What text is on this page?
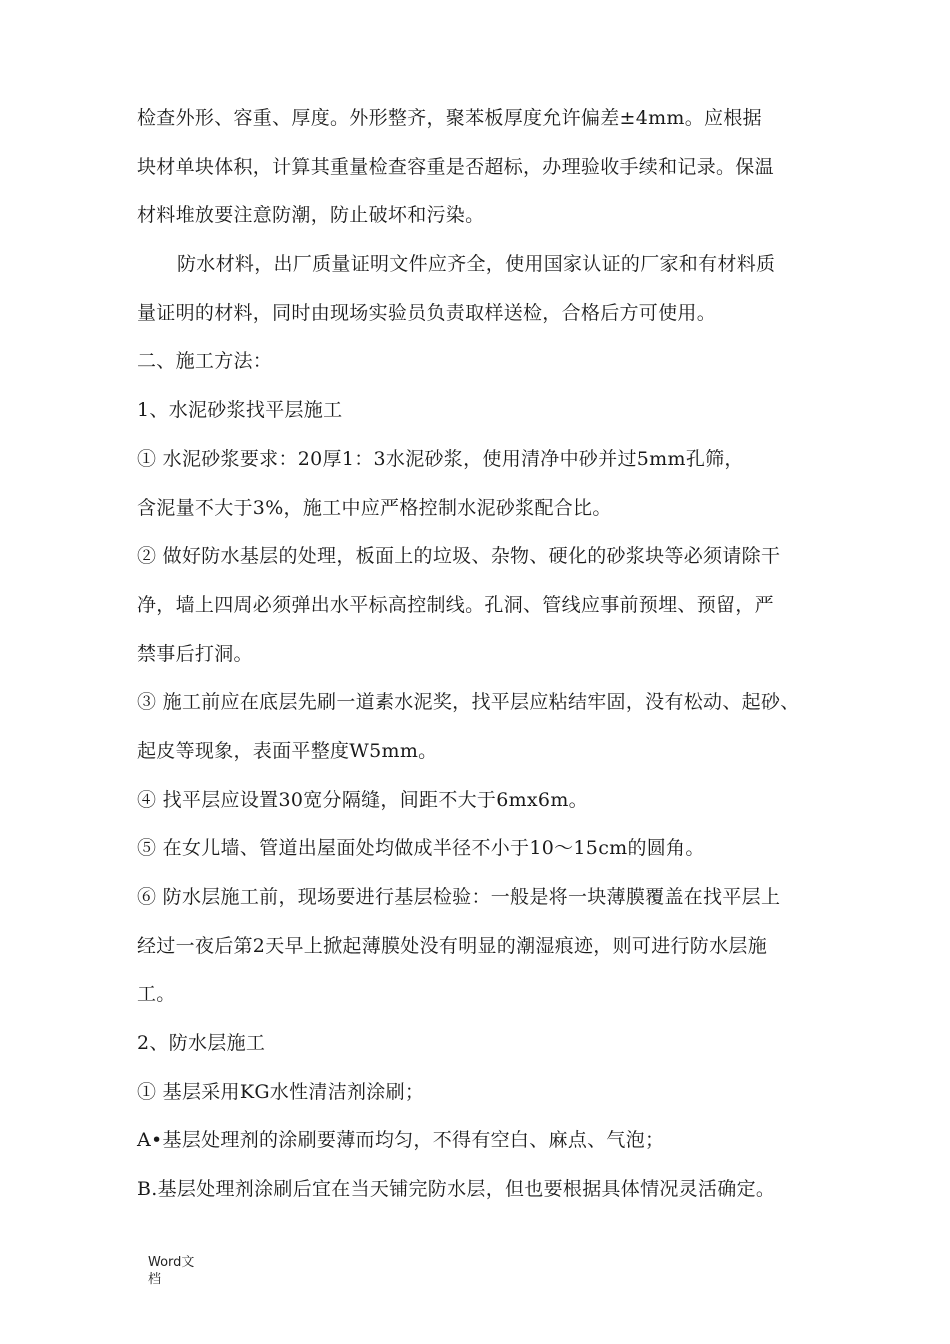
检查外形、容重、厚度。外形整齐，聚苯板厚度允许偏差±4mm。应根据
块材单块体积，计算其重量检查容重是否超标，办理验收手续和记录。保温
材料堆放要注意防潮，防止破坏和污染。
防水材料，出厂质量证明文件应齐全，使用国家认证的厂家和有材料质
量证明的材料，同时由现场实验员负责取样送检，合格后方可使用。
二、施工方法：
1、水泥砂浆找平层施工
① 水泥砂浆要求：20厚1：3水泥砂浆，使用清净中砂并过5mm孔筛，
含泥量不大于3%，施工中应严格控制水泥砂浆配合比。
② 做好防水基层的处理，板面上的垃圾、杂物、硬化的砂浆块等必须请除干
净，墙上四周必须弹出水平标高控制线。孔洞、管线应事前预埋、预留，严
禁事后打洞。
③ 施工前应在底层先刷一道素水泥奖，找平层应粘结牢固，没有松动、起砂、
起皮等现象，表面平整度W5mm。
④ 找平层应设置30宽分隔缝，间距不大于6mx6m。
⑤ 在女儿墙、管道出屋面处均做成半径不小于10〜15cm的圆角。
⑥ 防水层施工前，现场要进行基层检验：一般是将一块薄膜覆盖在找平层上
经过一夜后第2天早上掀起薄膜处没有明显的潮湿痕迹，则可进行防水层施
工。
2、防水层施工
① 基层采用KG水性清洁剂涂刷；
A•基层处理剂的涂刷要薄而均匀，不得有空白、麻点、气泡；
B.基层处理剂涂刷后宜在当天铺完防水层，但也要根据具体情况灵活确定。
Word文
档
